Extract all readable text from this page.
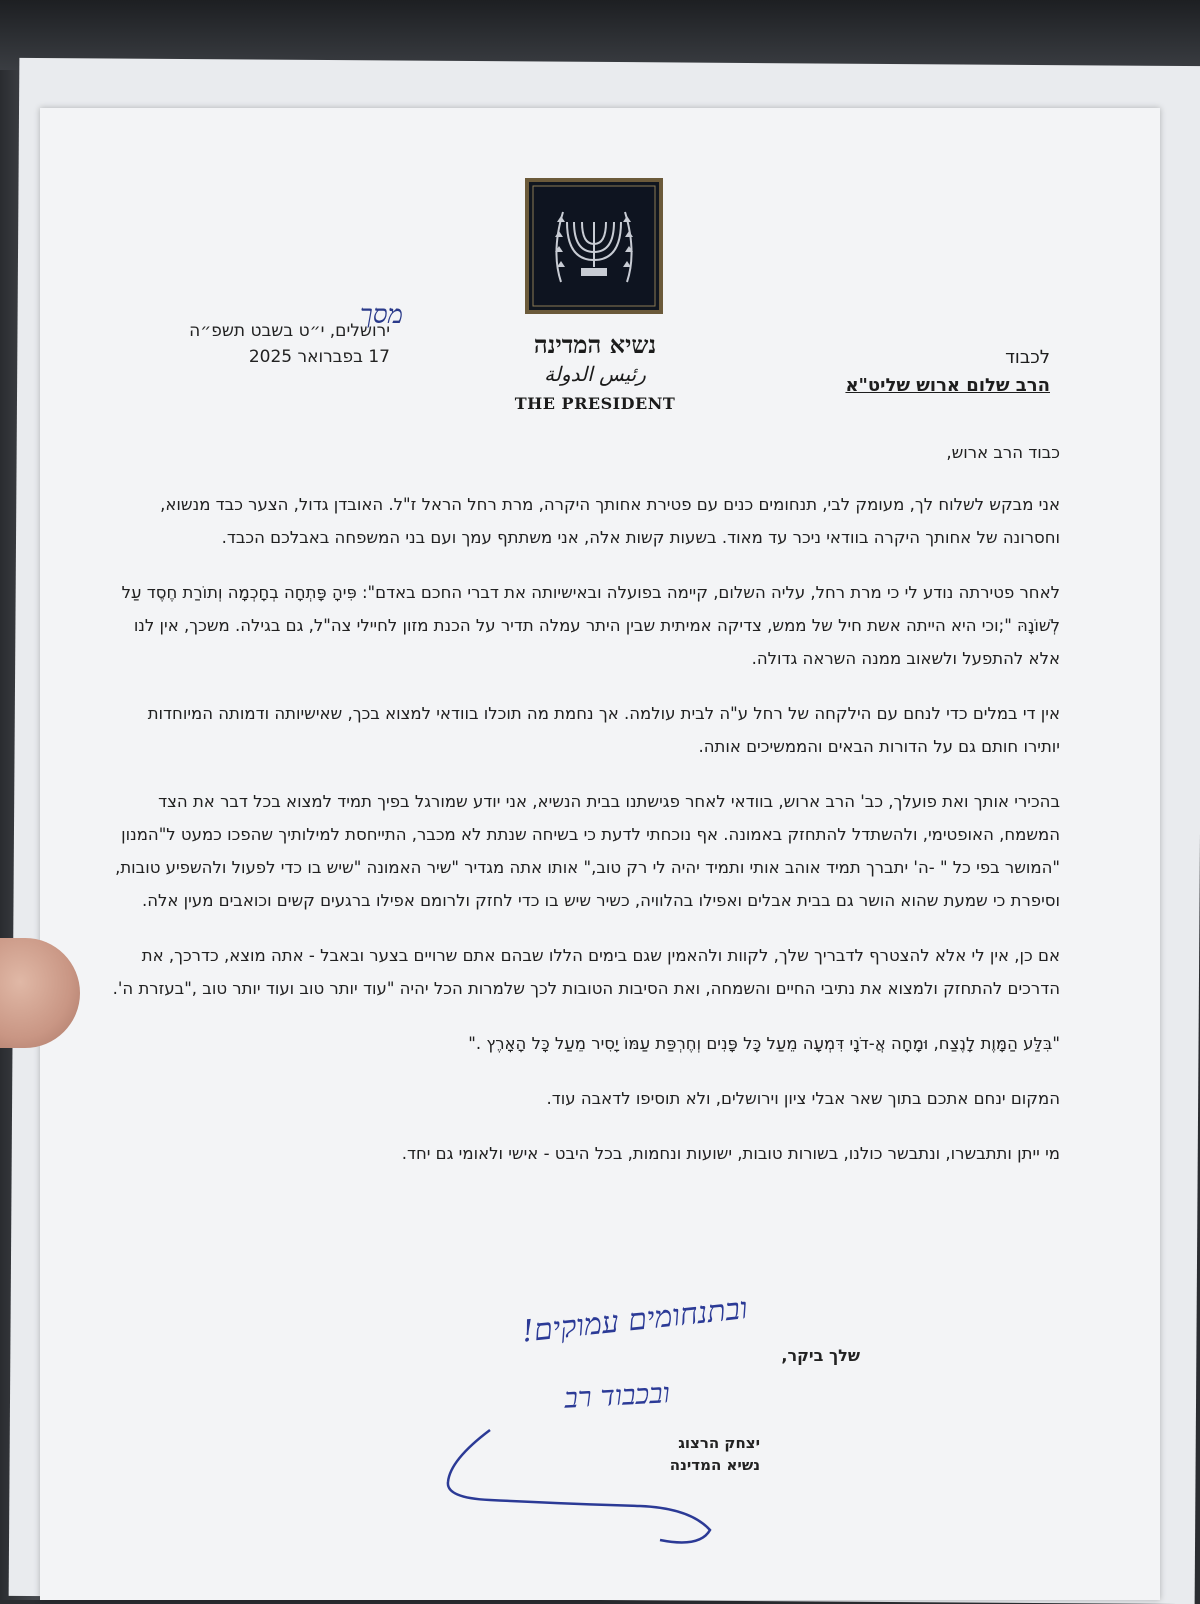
נשיא המדינה
رئيس الدولة
THE PRESIDENT
מסך
ירושלים, י״ט בשבט תשפ״ה
17 בפברואר 2025	לכבוד
הרב שלום ארוש שליט"א
כבוד הרב ארוש,
אני מבקש לשלוח לך, מעומק לבי, תנחומים כנים עם פטירת אחותך היקרה, מרת רחל הראל ז"ל. האובדן גדול, הצער כבד מנשוא, וחסרונה של אחותך היקרה בוודאי ניכר עד מאוד. בשעות קשות אלה, אני משתתף עמך ועם בני המשפחה באבלכם הכבד.
לאחר פטירתה נודע לי כי מרת רחל, עליה השלום, קיימה בפועלה ובאישיותה את דברי החכם באדם": פִּיהָ פָּתְחָה בְחָכְמָה וְתוֹרַת חֶסֶד עַל לְשׁוֹנָהּ ";וכי היא הייתה אשת חיל של ממש, צדיקה אמיתית שבין היתר עמלה תדיר על הכנת מזון לחיילי צה"ל, גם בגילה. משכך, אין לנו אלא להתפעל ולשאוב ממנה השראה גדולה.
אין די במלים כדי לנחם עם הילקחה של רחל ע"ה לבית עולמה. אך נחמת מה תוכלו בוודאי למצוא בכך, שאישיותה ודמותה המיוחדות יותירו חותם גם על הדורות הבאים והממשיכים אותה.
בהכירי אותך ואת פועלך, כב' הרב ארוש, בוודאי לאחר פגישתנו בבית הנשיא, אני יודע שמורגל בפיך תמיד למצוא בכל דבר את הצד המשמח, האופטימי, ולהשתדל להתחזק באמונה. אף נוכחתי לדעת כי בשיחה שנתת לא מכבר, התייחסת למילותיך שהפכו כמעט ל"המנון "המושר בפי כל " -ה' יתברך תמיד אוהב אותי ותמיד יהיה לי רק טוב," אותו אתה מגדיר "שיר האמונה "שיש בו כדי לפעול ולהשפיע טובות, וסיפרת כי שמעת שהוא הושר גם בבית אבלים ואפילו בהלוויה, כשיר שיש בו כדי לחזק ולרומם אפילו ברגעים קשים וכואבים מעין אלה.
אם כן, אין לי אלא להצטרף לדבריך שלך, לקוות ולהאמין שגם בימים הללו שבהם אתם שרויים בצער ובאבל - אתה מוצא, כדרכך, את הדרכים להתחזק ולמצוא את נתיבי החיים והשמחה, ואת הסיבות הטובות לכך שלמרות הכל יהיה "עוד יותר טוב ועוד יותר טוב ,"בעזרת ה'.
"בִּלַּע הַמָּוֶת לָנֶצַח, וּמָחָה אֲ-דֹנָי דִּמְעָה מֵעַל כָּל פָּנִים וְחֶרְפַּת עַמּוֹ יָסִיר מֵעַל כָּל הָאָרֶץ ."
המקום ינחם אתכם בתוך שאר אבלי ציון וירושלים, ולא תוסיפו לדאבה עוד.
מי ייתן ותתבשרו, ונתבשר כולנו, בשורות טובות, ישועות ונחמות, בכל היבט - אישי ולאומי גם יחד.
ובתנחומים עמוקים!
שלך ביקר,
ובכבוד רב
יצחק הרצוג
נשיא המדינה
